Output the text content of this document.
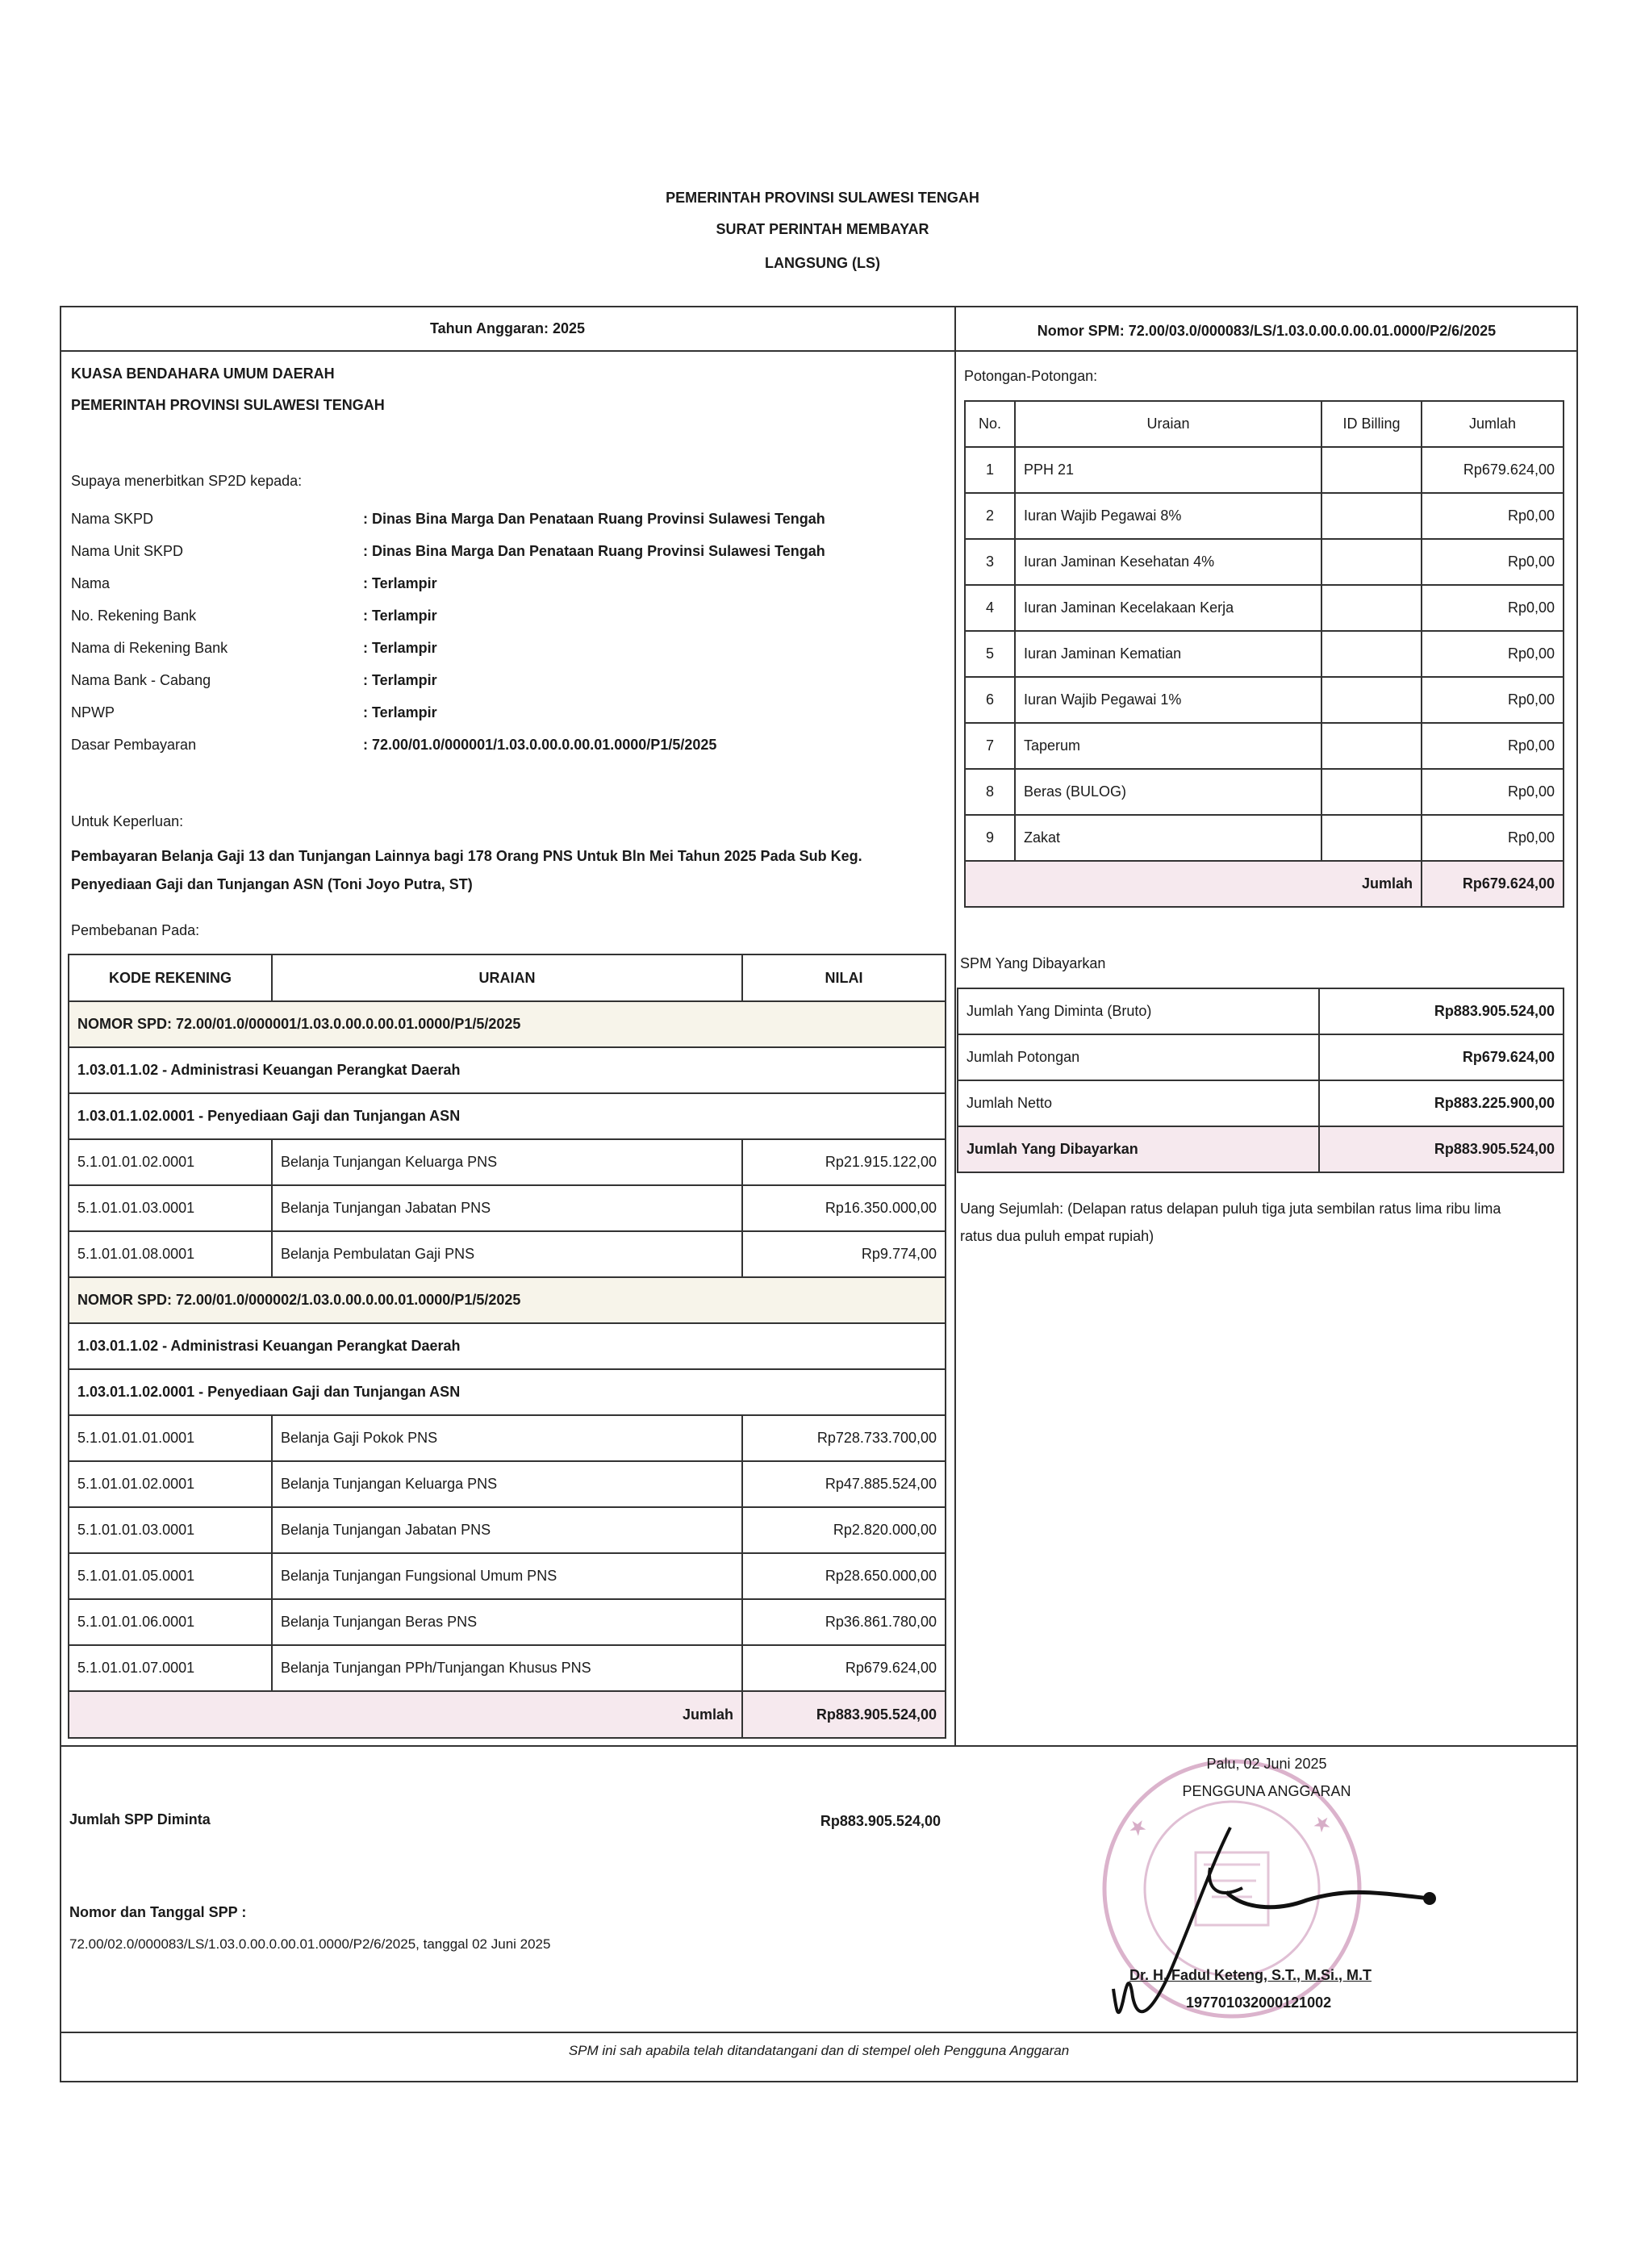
PEMERINTAH PROVINSI SULAWESI TENGAH
SURAT PERINTAH MEMBAYAR
LANGSUNG (LS)
Tahun Anggaran: 2025	Nomor SPM: 72.00/03.0/000083/LS/1.03.0.00.0.00.01.0000/P2/6/2025
KUASA BENDAHARA UMUM DAERAH
PEMERINTAH PROVINSI SULAWESI TENGAH
Supaya menerbitkan SP2D kepada:
Nama SKPD	: Dinas Bina Marga Dan Penataan Ruang Provinsi Sulawesi Tengah
Nama Unit SKPD	: Dinas Bina Marga Dan Penataan Ruang Provinsi Sulawesi Tengah
Nama	: Terlampir
No. Rekening Bank	: Terlampir
Nama di Rekening Bank	: Terlampir
Nama Bank - Cabang	: Terlampir
NPWP	: Terlampir
Dasar Pembayaran	: 72.00/01.0/000001/1.03.0.00.0.00.01.0000/P1/5/2025
Untuk Keperluan:
Pembayaran Belanja Gaji 13 dan Tunjangan Lainnya bagi 178 Orang PNS Untuk Bln Mei Tahun 2025 Pada Sub Keg.
Penyediaan Gaji dan Tunjangan ASN (Toni Joyo Putra, ST)
Pembebanan Pada:
KODE REKENING	URAIAN	NILAI
NOMOR SPD: 72.00/01.0/000001/1.03.0.00.0.00.01.0000/P1/5/2025		
1.03.01.1.02 - Administrasi Keuangan Perangkat Daerah		
1.03.01.1.02.0001 - Penyediaan Gaji dan Tunjangan ASN		
5.1.01.01.02.0001	Belanja Tunjangan Keluarga PNS	Rp21.915.122,00
5.1.01.01.03.0001	Belanja Tunjangan Jabatan PNS	Rp16.350.000,00
5.1.01.01.08.0001	Belanja Pembulatan Gaji PNS	Rp9.774,00
NOMOR SPD: 72.00/01.0/000002/1.03.0.00.0.00.01.0000/P1/5/2025		
1.03.01.1.02 - Administrasi Keuangan Perangkat Daerah		
1.03.01.1.02.0001 - Penyediaan Gaji dan Tunjangan ASN		
5.1.01.01.01.0001	Belanja Gaji Pokok PNS	Rp728.733.700,00
5.1.01.01.02.0001	Belanja Tunjangan Keluarga PNS	Rp47.885.524,00
5.1.01.01.03.0001	Belanja Tunjangan Jabatan PNS	Rp2.820.000,00
5.1.01.01.05.0001	Belanja Tunjangan Fungsional Umum PNS	Rp28.650.000,00
5.1.01.01.06.0001	Belanja Tunjangan Beras PNS	Rp36.861.780,00
5.1.01.01.07.0001	Belanja Tunjangan PPh/Tunjangan Khusus PNS	Rp679.624,00
Jumlah		Rp883.905.524,00
Potongan-Potongan:
No.	Uraian	ID Billing	Jumlah
1	PPH 21		Rp679.624,00
2	Iuran Wajib Pegawai 8%		Rp0,00
3	Iuran Jaminan Kesehatan 4%		Rp0,00
4	Iuran Jaminan Kecelakaan Kerja		Rp0,00
5	Iuran Jaminan Kematian		Rp0,00
6	Iuran Wajib Pegawai 1%		Rp0,00
7	Taperum		Rp0,00
8	Beras (BULOG)		Rp0,00
9	Zakat		Rp0,00
Jumlah			Rp679.624,00
SPM Yang Dibayarkan
Jumlah Yang Diminta (Bruto)	Rp883.905.524,00
Jumlah Potongan	Rp679.624,00
Jumlah Netto	Rp883.225.900,00
Jumlah Yang Dibayarkan	Rp883.905.524,00
Uang Sejumlah: (Delapan ratus delapan puluh tiga juta sembilan ratus lima ribu lima
ratus dua puluh empat rupiah)
Jumlah SPP Diminta	Rp883.905.524,00
Nomor dan Tanggal SPP :
72.00/02.0/000083/LS/1.03.0.00.0.00.01.0000/P2/6/2025, tanggal 02 Juni 2025
★	★
Palu, 02 Juni 2025
PENGGUNA ANGGARAN
Dr. H. Fadul Keteng, S.T., M.Si., M.T
197701032000121002
SPM ini sah apabila telah ditandatangani dan di stempel oleh Pengguna Anggaran
